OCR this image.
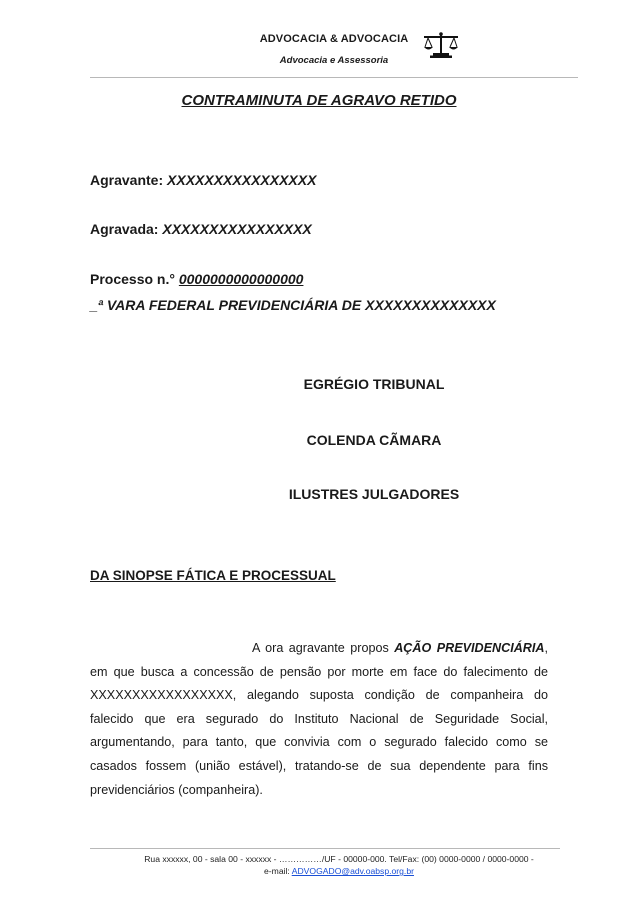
ADVOCACIA & ADVOCACIA
Advocacia e Assessoria
CONTRAMINUTA DE AGRAVO RETIDO
Agravante: XXXXXXXXXXXXXXXX
Agravada: XXXXXXXXXXXXXXXX
Processo n.° 0000000000000000
_ª VARA FEDERAL PREVIDENCIÁRIA DE XXXXXXXXXXXXXX
EGRÉGIO TRIBUNAL
COLENDA CÃMARA
ILUSTRES JULGADORES
DA SINOPSE FÁTICA E PROCESSUAL

A ora agravante propos AÇÃO PREVIDENCIÁRIA, em que busca a concessão de pensão por morte em face do falecimento de XXXXXXXXXXXXXXXXX, alegando suposta condição de companheira do falecido que era segurado do Instituto Nacional de Seguridade Social, argumentando, para tanto, que convivia com o segurado falecido como se casados fossem (união estável), tratando-se de sua dependente para fins previdenciários (companheira).

Rua xxxxxx, 00 - sala 00 - xxxxxx - ……………/UF - 00000-000. Tel/Fax: (00) 0000-0000 / 0000-0000 - e-mail: ADVOGADO@adv.oabsp.org.br
